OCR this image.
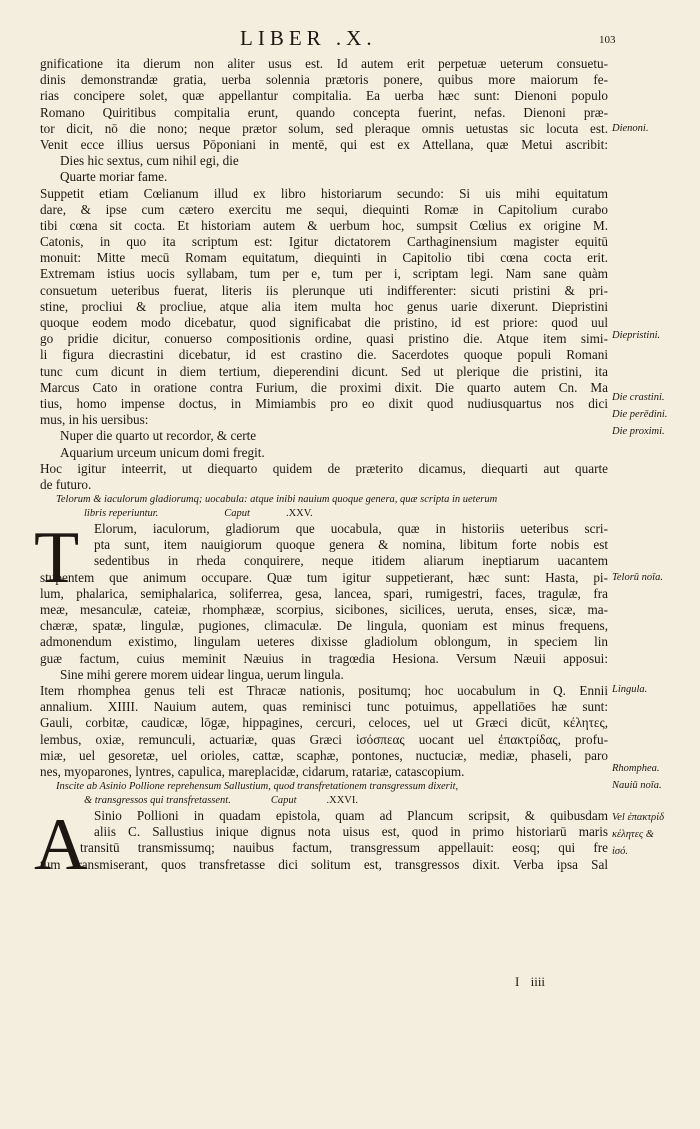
LIBER .X.	103
gnificatione ita dierum non aliter usus est. Id autem erit perpetuæ ueterum consuetu-
dinis demonstrandæ gratia, uerba solennia prætoris ponere, quibus more maiorum fe-
rias concipere solet, quæ appellantur compitalia. Ea uerba hæc sunt: Dienoni populo
Romano Quiritibus compitalia erunt, quando concepta fuerint, nefas. Dienoni præ-
tor dicit, nō die nono; neque prætor solum, sed pleraque omnis uetustas sic locuta est.
Venit ecce illius uersus Pōponiani in mentē, qui est ex Attellana, quæ Metui ascribit:
Dies hic sextus, cum nihil egi, die
Quarte moriar fame.
Suppetit etiam Cœlianum illud ex libro historiarum secundo: Si uis mihi equitatum
dare, & ipse cum cætero exercitu me sequi, diequinti Romæ in Capitolium curabo
tibi cœna sit cocta. Et historiam autem & uerbum hoc, sumpsit Cœlius ex origine M.
Catonis, in quo ita scriptum est: Igitur dictatorem Carthaginensium magister equitū
monuit: Mitte mecū Romam equitatum, diequinti in Capitolio tibi cœna cocta erit.
Extremam istius uocis syllabam, tum per e, tum per i, scriptam legi. Nam sane quàm
consuetum ueteribus fuerat, literis iis plerunque uti indifferenter: sicuti pristini & pri-
stine, procliui & procliue, atque alia item multa hoc genus uarie dixerunt. Diepristini
quoque eodem modo dicebatur, quod significabat die pristino, id est priore: quod uul
go pridie dicitur, conuerso compositionis ordine, quasi pristino die. Atque item simi-
li figura diecrastini dicebatur, id est crastino die. Sacerdotes quoque populi Romani
tunc cum dicunt in diem tertium, dieperendini dicunt. Sed ut plerique die pristini, ita
Marcus Cato in oratione contra Furium, die proximi dixit. Die quarto autem Cn. Ma
tius, homo impense doctus, in Mimiambis pro eo dixit quod nudiusquartus nos dici
mus, in his uersibus:
Nuper die quarto ut recordor, & certe
Aquarium urceum unicum domi fregit.
Hoc igitur inteerrit, ut diequarto quidem de præterito dicamus, diequarti aut quarte
de futuro.
Telorum & iaculorum gladiorumq; uocabula: atque inibi nauium quoque genera, quæ scripta in ueterum
libris reperiuntur.	Caput	.XXV.
T	Elorum, iaculorum, gladiorum que uocabula, quæ in historiis ueteribus scri-
pta sunt, item nauigiorum quoque genera & nomina, libitum forte nobis est
sedentibus in rheda conquirere, neque itidem aliarum ineptiarum uacantem
stupentem que animum occupare. Quæ tum igitur suppetierant, hæc sunt: Hasta, pi-
lum, phalarica, semiphalarica, soliferrea, gesa, lancea, spari, rumigestri, faces, tragulæ, fra
meæ, mesanculæ, cateiæ, rhomphææ, scorpius, sicibones, sicilices, ueruta, enses, sicæ, ma-
chæræ, spatæ, lingulæ, pugiones, climaculæ. De lingula, quoniam est minus frequens,
admonendum existimo, lingulam ueteres dixisse gladiolum oblongum, in speciem lin
guæ factum, cuius meminit Næuius in tragœdia Hesiona. Versum Næuii apposui:
Sine mihi gerere morem uidear lingua, uerum lingula.
Item rhomphea genus teli est Thracæ nationis, positumq; hoc uocabulum in Q. Ennii
annalium. XIIII. Nauium autem, quas reminisci tunc potuimus, appellatiōes hæ sunt:
Gauli, corbitæ, caudicæ, lōgæ, hippagines, cercuri, celoces, uel ut Græci dicūt, κέλητες,
lembus, oxiæ, remunculi, actuariæ, quas Græci ἱσόσπεας uocant uel ἐπακτρίδας, profu-
miæ, uel gesoretæ, uel orioles, cattæ, scaphæ, pontones, nuctuciæ, mediæ, phaseli, paro
nes, myoparones, lyntres, capulica, mareplacidæ, cidarum, ratariæ, catascopium.
Inscite ab Asinio Pollione reprehensum Sallustium, quod transfretationem transgressum dixerit,
& transgressos qui transfretassent.	Caput	.XXVI.
A Sinio Pollioni in quadam epistola, quam ad Plancum scripsit, & quibusdam
aliis C. Sallustius inique dignus nota uisus est, quod in primo historiarū maris
transitū transmissumq; nauibus factum, transgressum appellauit: eosq; qui fre
tum transmiserant, quos transfretasse dici solitum est, transgressos dixit. Verba ipsa Sal
I iiii
Dienoni.
Diepristini.
Die crastini.
Die perēdini.
Die proximi.
Telorū noīa.
Lingula.
Rhomphea.
Nauiū noīa.
Vel ἐπακτρίδ
κέλητες &
ἱσό.
